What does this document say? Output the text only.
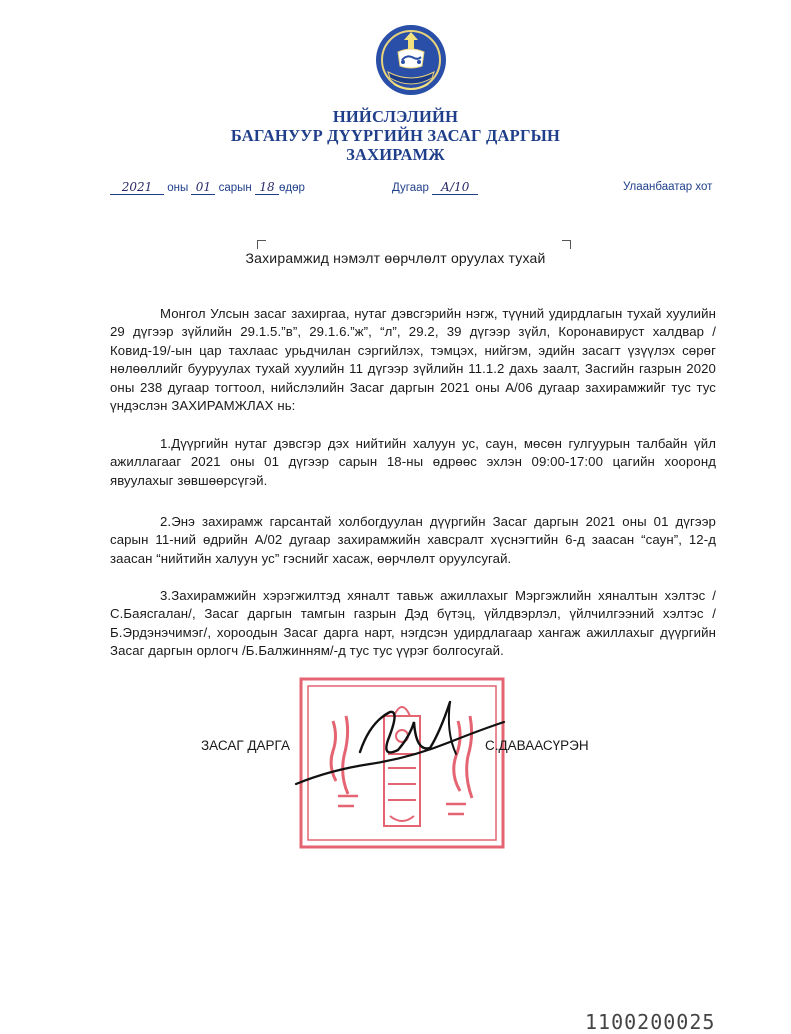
НИЙСЛЭЛИЙН
БАГАНУУР ДҮҮРГИЙН ЗАСАГ ДАРГЫН
ЗАХИРАМЖ
2021 оны 01 сарын 18 өдөр	Дугаар А/10	Улаанбаатар хот
Захирамжид нэмэлт өөрчлөлт оруулах тухай

Монгол Улсын засаг захиргаа, нутаг дэвсгэрийн нэгж, түүний удирдлагын тухай хуулийн 29 дүгээр зүйлийн 29.1.5.”в”, 29.1.6.”ж”, “л”, 29.2, 39 дүгээр зүйл, Коронавируст халдвар /Ковид-19/-ын цар тахлаас урьдчилан сэргийлэх, тэмцэх, нийгэм, эдийн засагт үзүүлэх сөрөг нөлөөллийг бууруулах тухай хуулийн 11 дүгээр зүйлийн 11.1.2 дахь заалт, Засгийн газрын 2020 оны 238 дугаар тогтоол, нийслэлийн Засаг даргын 2021 оны А/06 дугаар захирамжийг тус тус үндэслэн ЗАХИРАМЖЛАХ нь:

1.Дүүргийн нутаг дэвсгэр дэх нийтийн халуун ус, саун, мөсөн гулгуурын талбайн үйл ажиллагааг 2021 оны 01 дүгээр сарын 18-ны өдрөөс эхлэн 09:00-17:00 цагийн хооронд явуулахыг зөвшөөрсүгэй.

2.Энэ захирамж гарсантай холбогдуулан дүүргийн Засаг даргын 2021 оны 01 дүгээр сарын 11-ний өдрийн А/02 дугаар захирамжийн хавсралт хүснэгтийн 6-д заасан “саун”, 12-д заасан “нийтийн халуун ус” гэснийг хасаж, өөрчлөлт оруулсугай.

3.Захирамжийн хэрэгжилтэд хяналт тавьж ажиллахыг Мэргэжлийн хяналтын хэлтэс /С.Баясгалан/, Засаг даргын тамгын газрын Дэд бүтэц, үйлдвэрлэл, үйлчилгээний хэлтэс /Б.Эрдэнэчимэг/, хороодын Засаг дарга нарт, нэгдсэн удирдлагаар хангаж ажиллахыг дүүргийн Засаг даргын орлогч /Б.Балжинням/-д тус тус үүрэг болгосугай.

ЗАСАГ ДАРГА	С.ДАВААСҮРЭН
1100200025
